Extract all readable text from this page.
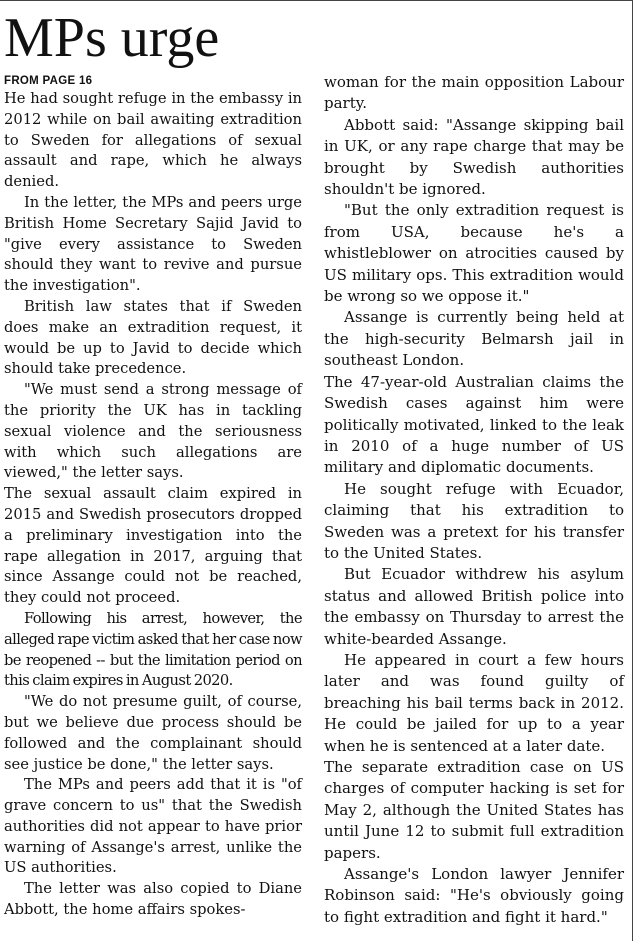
MPs urge
FROM PAGE 16

He had sought refuge in the embassy in 2012 while on bail awaiting extradition to Sweden for allegations of sexual assault and rape, which he always denied.

In the letter, the MPs and peers urge British Home Secretary Sajid Javid to "give every assistance to Sweden should they want to revive and pursue the investigation".

British law states that if Sweden does make an extradition request, it would be up to Javid to decide which should take precedence.

"We must send a strong message of the priority the UK has in tackling sexual violence and the seriousness with which such allegations are viewed," the letter says.

The sexual assault claim expired in 2015 and Swedish prosecutors dropped a preliminary investigation into the rape allegation in 2017, arguing that since Assange could not be reached, they could not proceed.

Following his arrest, however, the alleged rape victim asked that her case now be reopened -- but the limitation period on this claim expires in August 2020.

"We do not presume guilt, of course, but we believe due process should be followed and the complainant should see justice be done," the letter says.

The MPs and peers add that it is "of grave concern to us" that the Swedish authorities did not appear to have prior warning of Assange's arrest, unlike the US authorities.

The letter was also copied to Diane Abbott, the home affairs spokes-

woman for the main opposition Labour party.

Abbott said: "Assange skipping bail in UK, or any rape charge that may be brought by Swedish authorities shouldn't be ignored.

"But the only extradition request is from USA, because he's a whistleblower on atrocities caused by US military ops. This extradition would be wrong so we oppose it."

Assange is currently being held at the high-security Belmarsh jail in southeast London.

The 47-year-old Australian claims the Swedish cases against him were politically motivated, linked to the leak in 2010 of a huge number of US military and diplomatic documents.

He sought refuge with Ecuador, claiming that his extradition to Sweden was a pretext for his transfer to the United States.

But Ecuador withdrew his asylum status and allowed British police into the embassy on Thursday to arrest the white-bearded Assange.

He appeared in court a few hours later and was found guilty of breaching his bail terms back in 2012. He could be jailed for up to a year when he is sentenced at a later date.

The separate extradition case on US charges of computer hacking is set for May 2, although the United States has until June 12 to submit full extradition papers.

Assange's London lawyer Jennifer Robinson said: "He's obviously going to fight extradition and fight it hard."
